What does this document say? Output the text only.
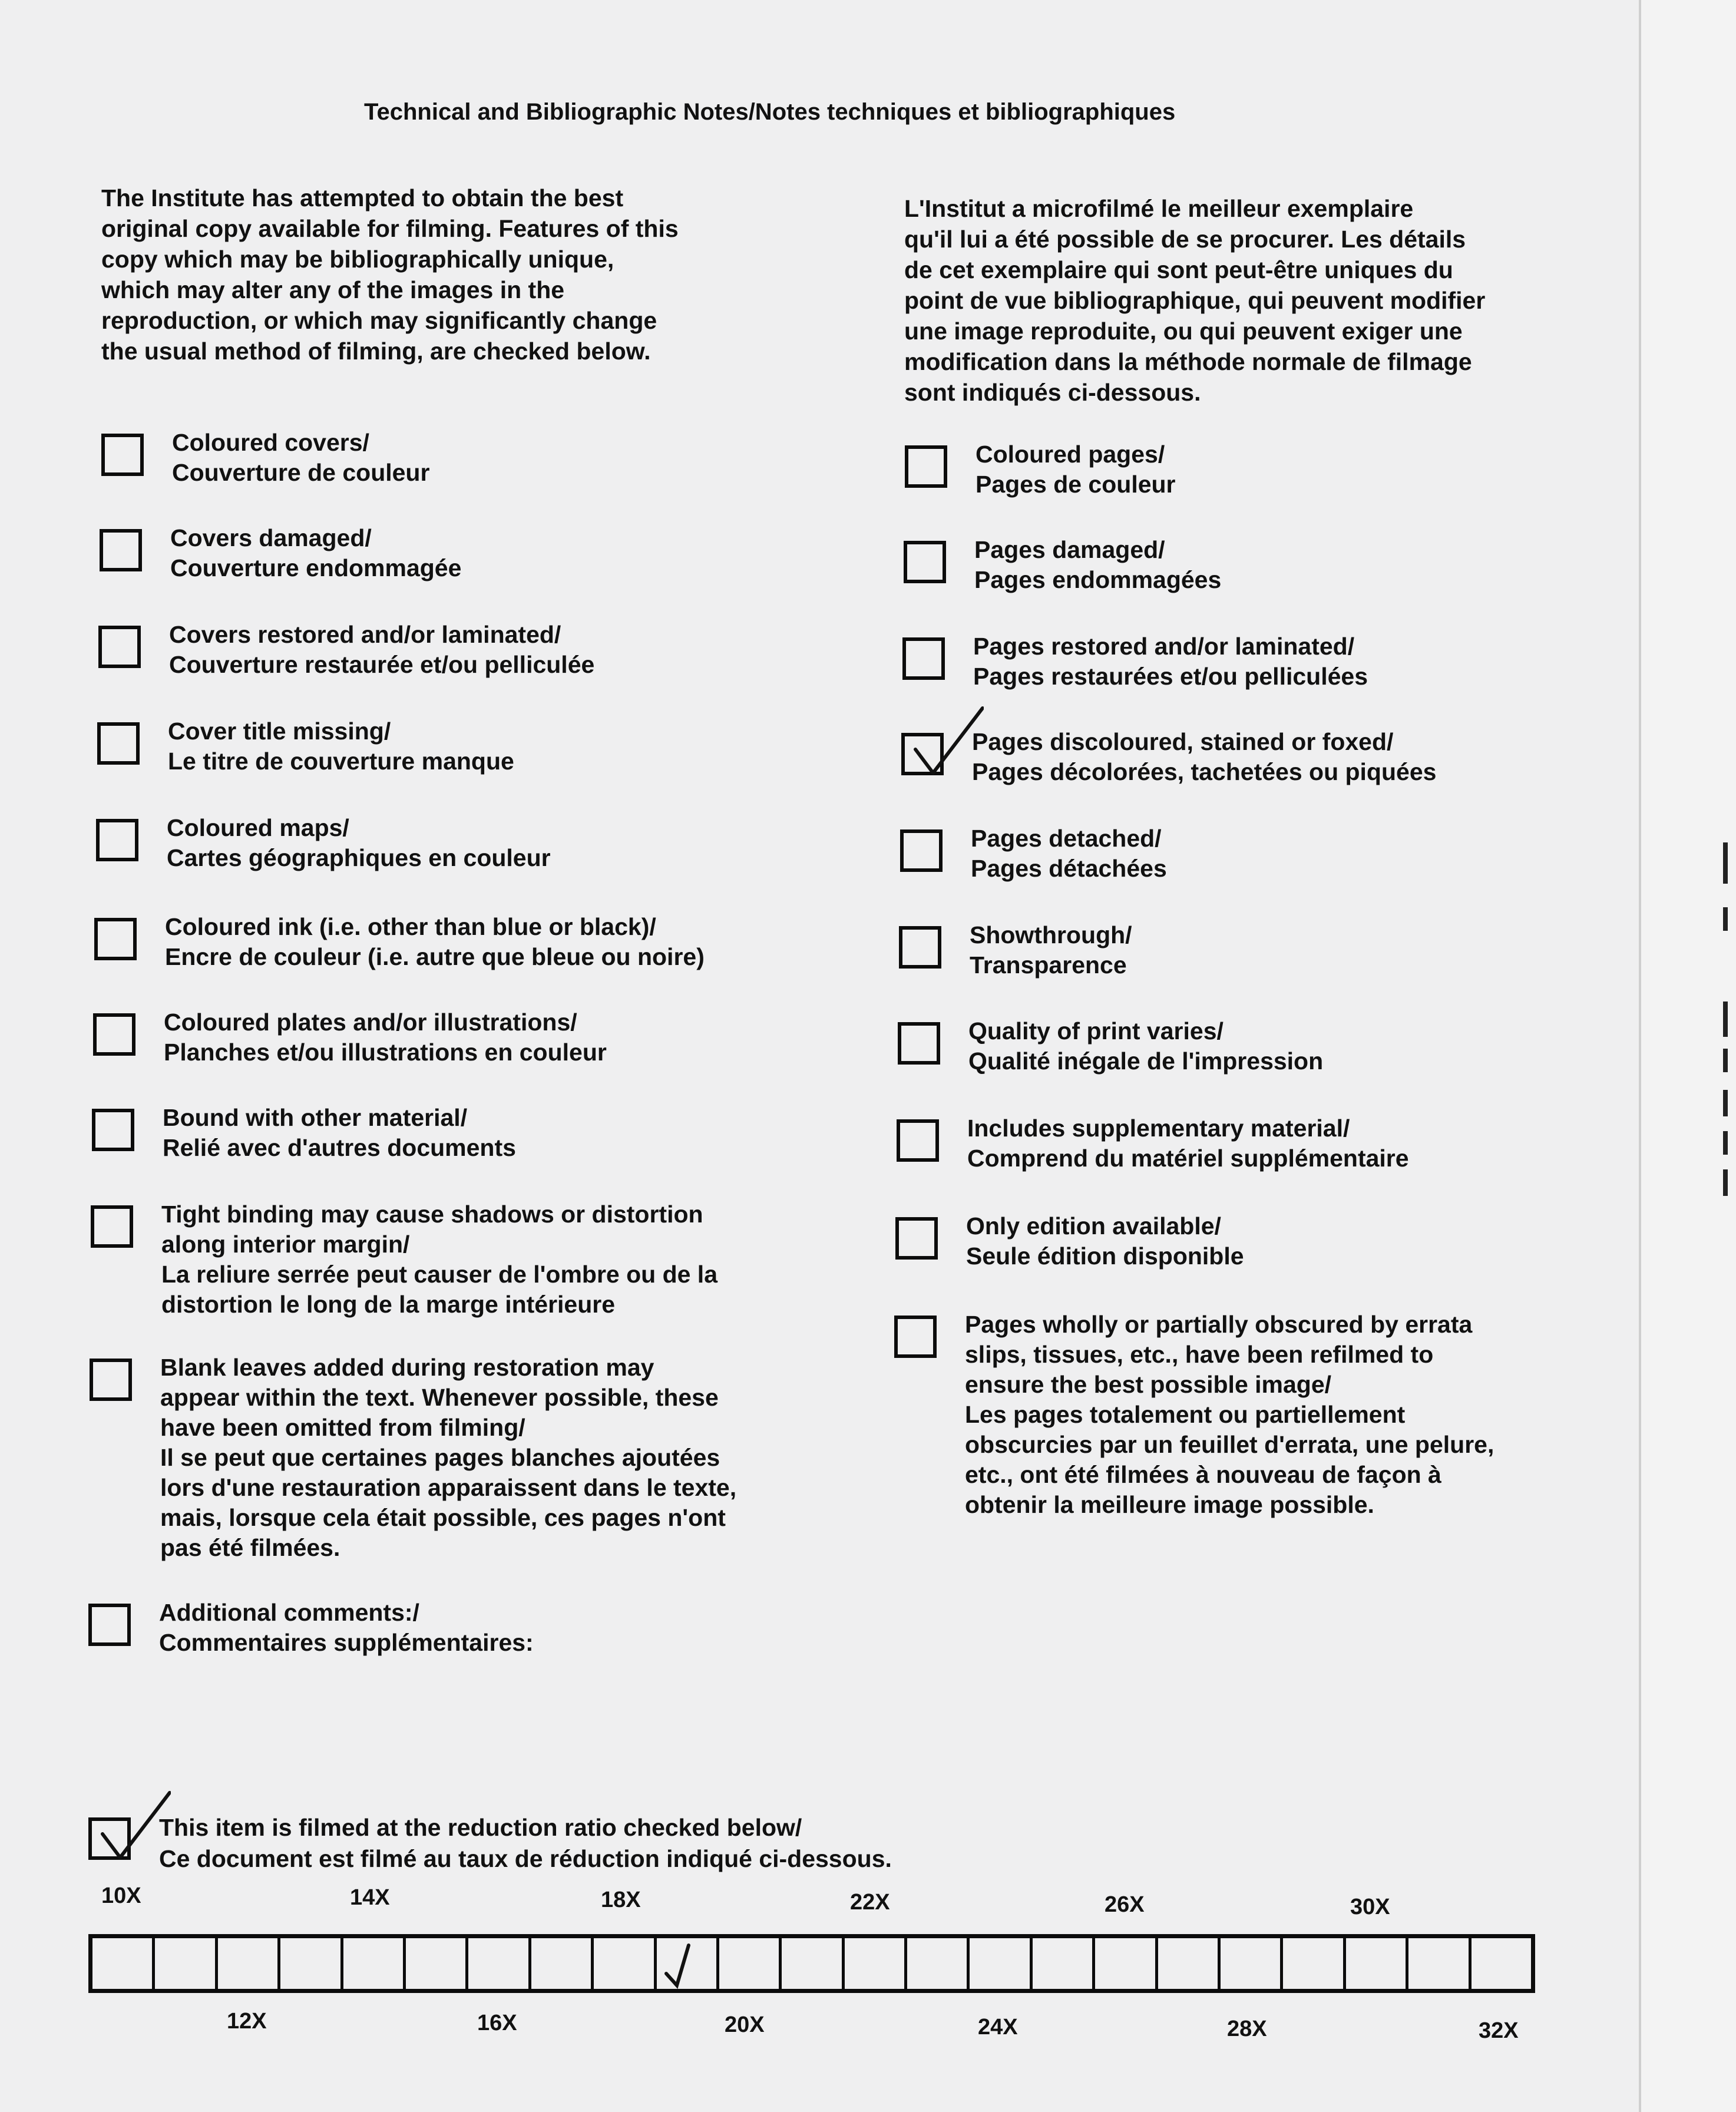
Technical and Bibliographic Notes/Notes techniques et bibliographiques
The Institute has attempted to obtain the best
original copy available for filming. Features of this
copy which may be bibliographically unique,
which may alter any of the images in the
reproduction, or which may significantly change
the usual method of filming, are checked below.
L'Institut a microfilmé le meilleur exemplaire
qu'il lui a été possible de se procurer. Les détails
de cet exemplaire qui sont peut-être uniques du
point de vue bibliographique, qui peuvent modifier
une image reproduite, ou qui peuvent exiger une
modification dans la méthode normale de filmage
sont indiqués ci-dessous.
Coloured covers/
Couverture de couleur
Covers damaged/
Couverture endommagée
Covers restored and/or laminated/
Couverture restaurée et/ou pelliculée
Cover title missing/
Le titre de couverture manque
Coloured maps/
Cartes géographiques en couleur
Coloured ink (i.e. other than blue or black)/
Encre de couleur (i.e. autre que bleue ou noire)
Coloured plates and/or illustrations/
Planches et/ou illustrations en couleur
Bound with other material/
Relié avec d'autres documents
Tight binding may cause shadows or distortion
along interior margin/
La reliure serrée peut causer de l'ombre ou de la
distortion le long de la marge intérieure
Blank leaves added during restoration may
appear within the text. Whenever possible, these
have been omitted from filming/
Il se peut que certaines pages blanches ajoutées
lors d'une restauration apparaissent dans le texte,
mais, lorsque cela était possible, ces pages n'ont
pas été filmées.
Additional comments:/
Commentaires supplémentaires:
Coloured pages/
Pages de couleur
Pages damaged/
Pages endommagées
Pages restored and/or laminated/
Pages restaurées et/ou pelliculées
Pages discoloured, stained or foxed/
Pages décolorées, tachetées ou piquées
Pages detached/
Pages détachées
Showthrough/
Transparence
Quality of print varies/
Qualité inégale de l'impression
Includes supplementary material/
Comprend du matériel supplémentaire
Only edition available/
Seule édition disponible
Pages wholly or partially obscured by errata
slips, tissues, etc., have been refilmed to
ensure the best possible image/
Les pages totalement ou partiellement
obscurcies par un feuillet d'errata, une pelure,
etc., ont été filmées à nouveau de façon à
obtenir la meilleure image possible.
This item is filmed at the reduction ratio checked below/
Ce document est filmé au taux de réduction indiqué ci-dessous.
10X	14X	18X	22X	26X	30X
12X	16X	20X	24X	28X	32X
